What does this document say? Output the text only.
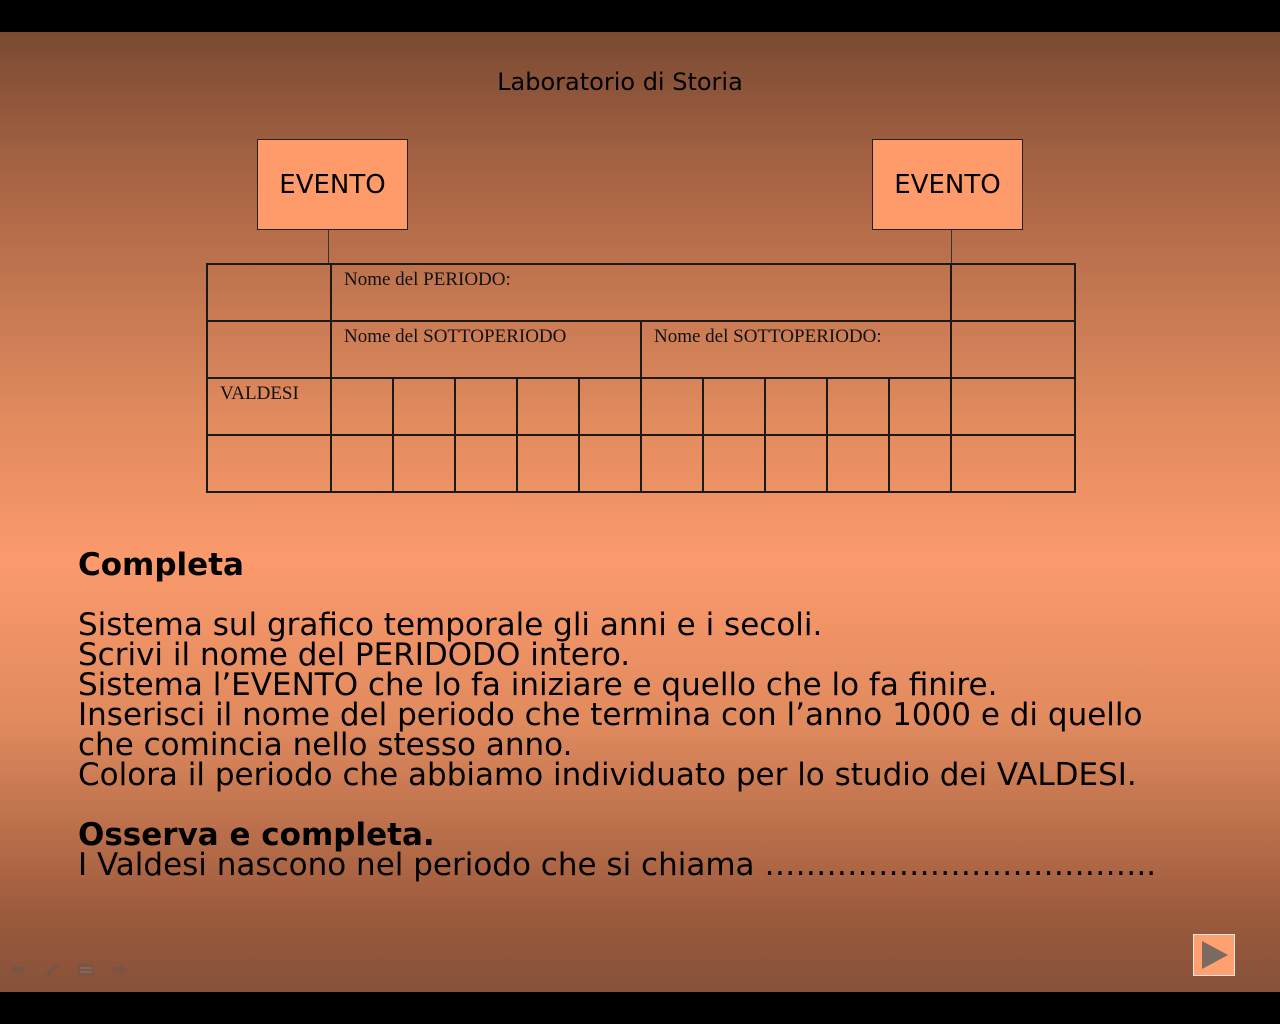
Laboratorio di Storia
EVENTO	EVENTO

	Nome del PERIODO:										

	Nome del SOTTOPERIODO					Nome del SOTTOPERIODO:					

VALDESI											

Completa

Sistema sul grafico temporale gli anni e i secoli.

Scrivi il nome del PERIDODO intero.

Sistema l’EVENTO che lo fa iniziare e quello che lo fa finire.

Inserisci il nome del periodo che termina con l’anno 1000 e di quello che comincia nello stesso anno.

Colora il periodo che abbiamo individuato per lo studio dei VALDESI.

Osserva e completa.

I Valdesi nascono nel periodo che si chiama ………………………………..
